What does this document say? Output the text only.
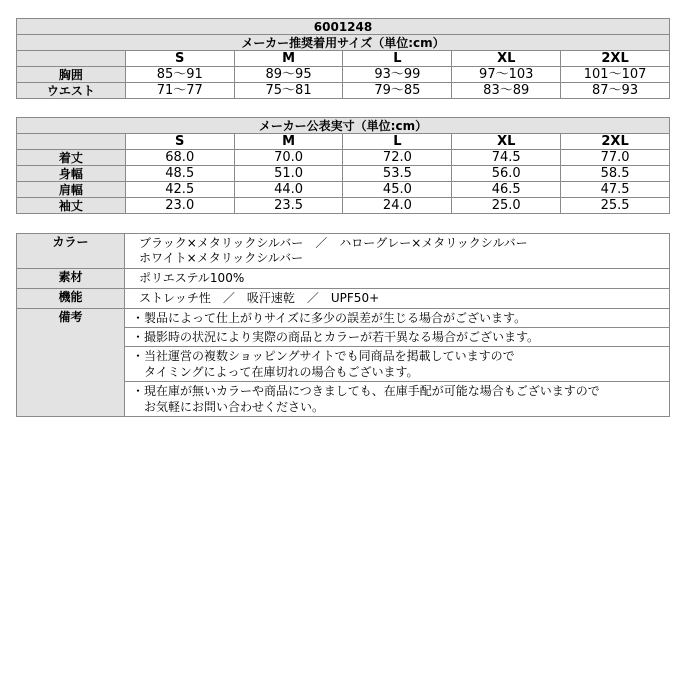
6001248					
メーカー推奨着用サイズ（単位:cm）					
	S	M	L	XL	2XL
胸囲	85〜91	89〜95	93〜99	97〜103	101〜107
ウエスト	71〜77	75〜81	79〜85	83〜89	87〜93
メーカー公表実寸（単位:cm）					
	S	M	L	XL	2XL
着丈	68.0	70.0	72.0	74.5	77.0
身幅	48.5	51.0	53.5	56.0	58.5
肩幅	42.5	44.0	45.0	46.5	47.5
袖丈	23.0	23.5	24.0	25.0	25.5
カラー	ブラック×メタリックシルバー　／　ハローグレー×メタリックシルバー
ホワイト×メタリックシルバー

素材	ポリエステル100%
機能	ストレッチ性　／　吸汗速乾　／　UPF50+
備考	・製品によって仕上がりサイズに多少の誤差が生じる場合がございます。

	・撮影時の状況により実際の商品とカラーが若干異なる場合がございます。

	・当社運営の複数ショッピングサイトでも同商品を掲載していますので
　タイミングによって在庫切れの場合もございます。

	・現在庫が無いカラーや商品につきましても、在庫手配が可能な場合もございますので
　お気軽にお問い合わせください。
